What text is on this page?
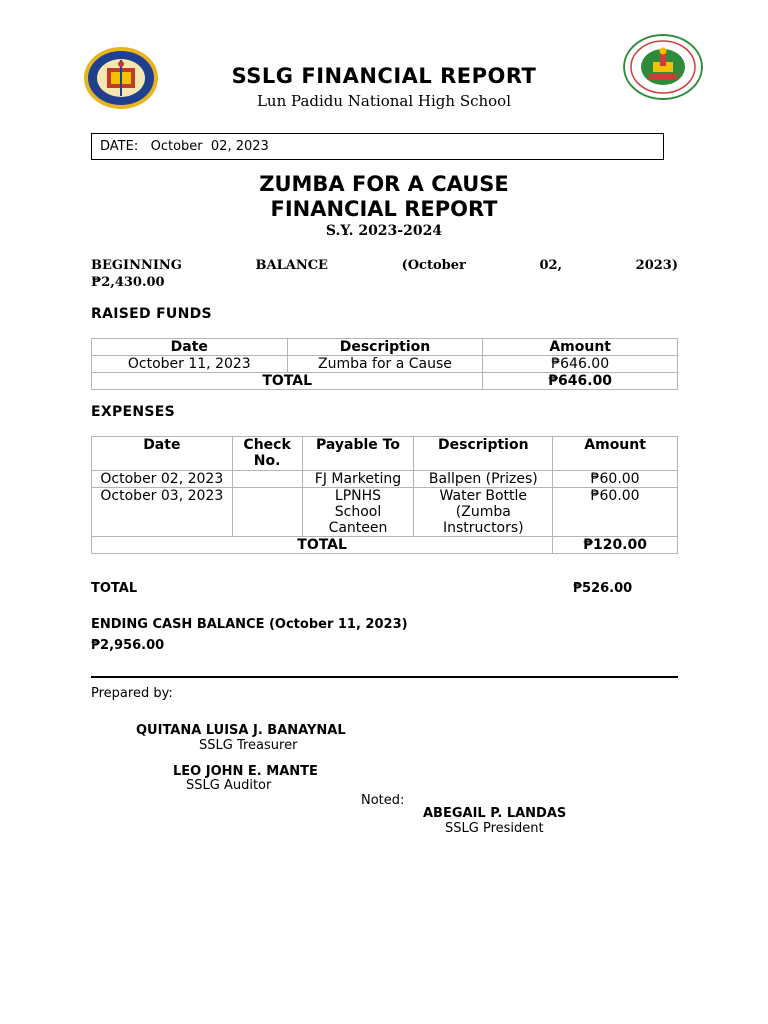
SSLG FINANCIAL REPORT
Lun Padidu National High School
DATE: October  02, 2023
ZUMBA FOR A CAUSE
FINANCIAL REPORT
S.Y. 2023-2024
BEGINNING	BALANCE	(October	02,	2023)
₱2,430.00
RAISED FUNDS
Date	Description	Amount
October 11, 2023	Zumba for a Cause	₱646.00
TOTAL		₱646.00
EXPENSES
Date	Check No.	Payable To	Description	Amount
October 02, 2023		FJ Marketing	Ballpen (Prizes)	₱60.00
October 03, 2023		LPNHS School Canteen	Water Bottle (Zumba Instructors)	₱60.00
TOTAL				₱120.00
TOTAL	₱526.00
ENDING CASH BALANCE (October 11, 2023)
₱2,956.00
Prepared by:
QUITANA LUISA J. BANAYNAL
SSLG Treasurer
LEO JOHN E. MANTE
SSLG Auditor
Noted:
ABEGAIL P. LANDAS
SSLG President
